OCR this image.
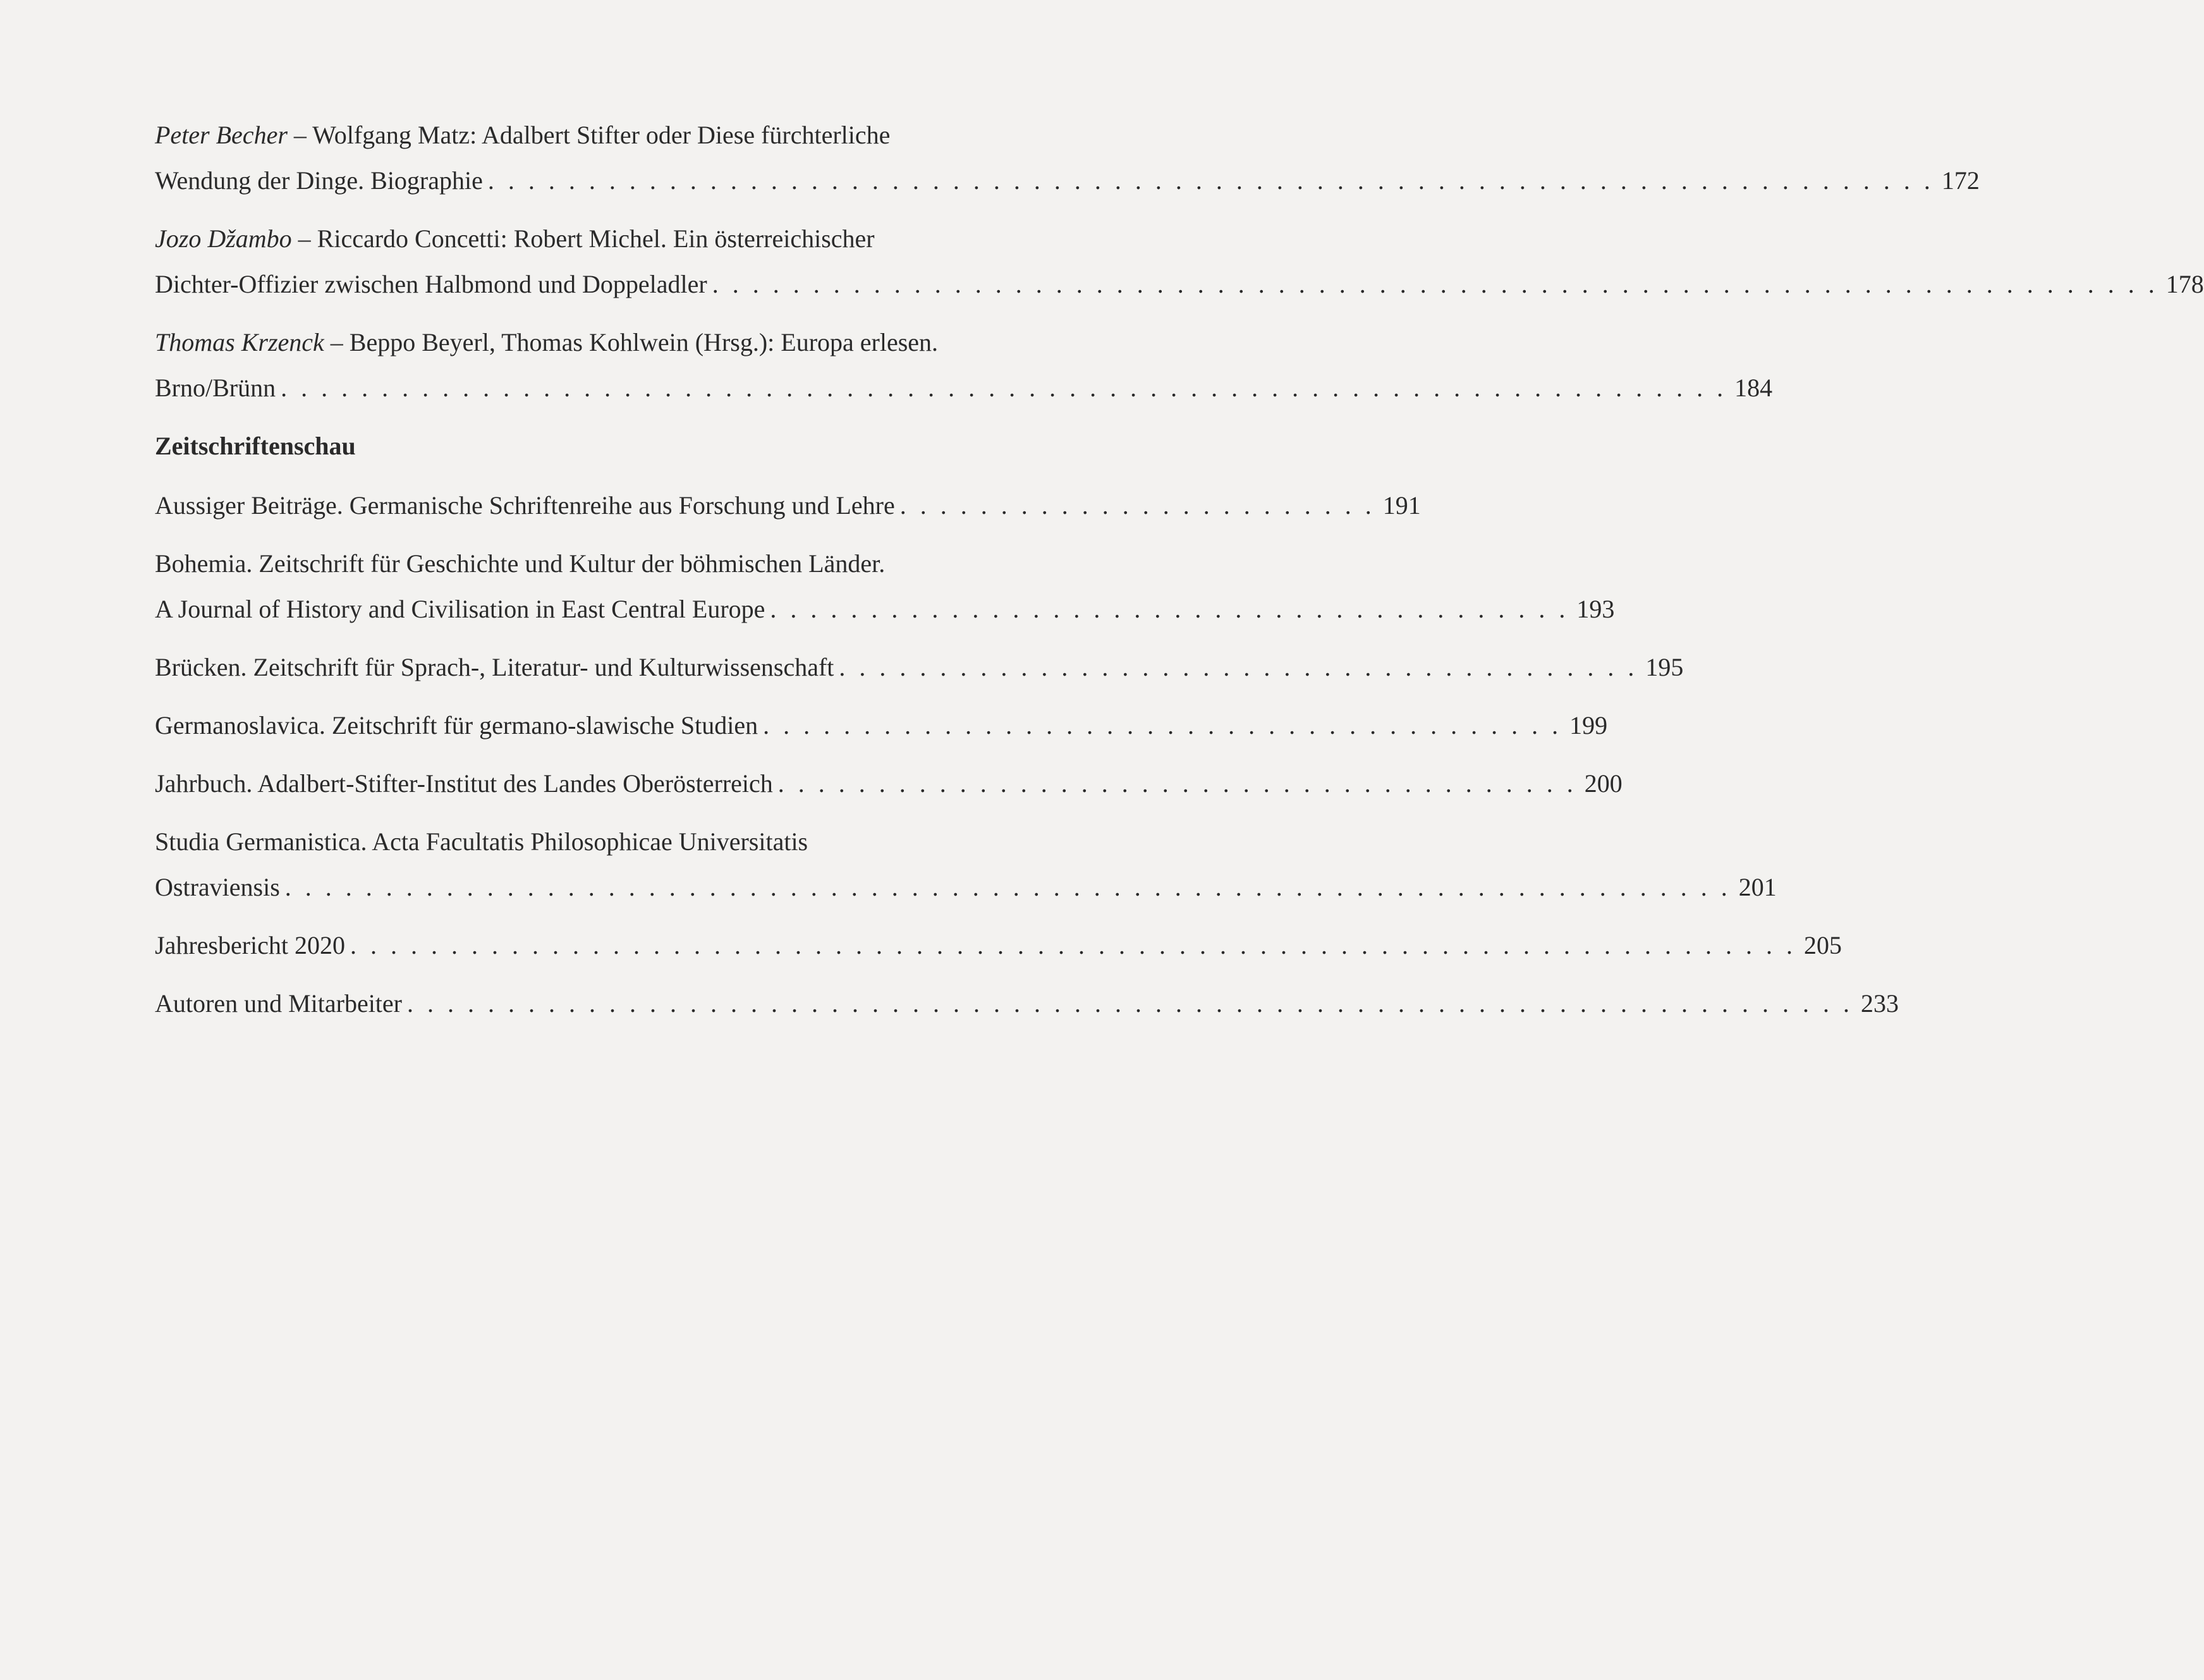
Peter Becher – Wolfgang Matz: Adalbert Stifter oder Diese fürchterliche
Wendung der Dinge. Biographie . . . . . . . . . . . . . . . . . . . . . . . . . . . . . . . . . . . . . . . . . . . . . . . . . . . . . . . . . . . . . . . . . . . . . . . . 172
Jozo Džambo – Riccardo Concetti: Robert Michel. Ein österreichischer
Dichter-Offizier zwischen Halbmond und Doppeladler . . . . . . . . . . . . . . . . . . . . . . . . . . . . . . . . . . . . . . . . . . . . . . . . . . . . . . . . . . . . . . . . . . . . . . . . 178
Thomas Krzenck – Beppo Beyerl, Thomas Kohlwein (Hrsg.): Europa erlesen.
Brno/Brünn . . . . . . . . . . . . . . . . . . . . . . . . . . . . . . . . . . . . . . . . . . . . . . . . . . . . . . . . . . . . . . . . . . . . . . . . 184
Zeitschriftenschau
Aussiger Beiträge. Germanische Schriftenreihe aus Forschung und Lehre . . . . . . . . . . . . . . . . . . . . . . . . 191
Bohemia. Zeitschrift für Geschichte und Kultur der böhmischen Länder.
A Journal of History and Civilisation in East Central Europe . . . . . . . . . . . . . . . . . . . . . . . . . . . . . . . . . . . . . . . . 193
Brücken. Zeitschrift für Sprach-, Literatur- und Kulturwissenschaft . . . . . . . . . . . . . . . . . . . . . . . . . . . . . . . . . . . . . . . . 195
Germanoslavica. Zeitschrift für germano-slawische Studien . . . . . . . . . . . . . . . . . . . . . . . . . . . . . . . . . . . . . . . . 199
Jahrbuch. Adalbert-Stifter-Institut des Landes Oberösterreich . . . . . . . . . . . . . . . . . . . . . . . . . . . . . . . . . . . . . . . . 200
Studia Germanistica. Acta Facultatis Philosophicae Universitatis
Ostraviensis . . . . . . . . . . . . . . . . . . . . . . . . . . . . . . . . . . . . . . . . . . . . . . . . . . . . . . . . . . . . . . . . . . . . . . . . 201
Jahresbericht 2020 . . . . . . . . . . . . . . . . . . . . . . . . . . . . . . . . . . . . . . . . . . . . . . . . . . . . . . . . . . . . . . . . . . . . . . . . 205
Autoren und Mitarbeiter . . . . . . . . . . . . . . . . . . . . . . . . . . . . . . . . . . . . . . . . . . . . . . . . . . . . . . . . . . . . . . . . . . . . . . . . 233
